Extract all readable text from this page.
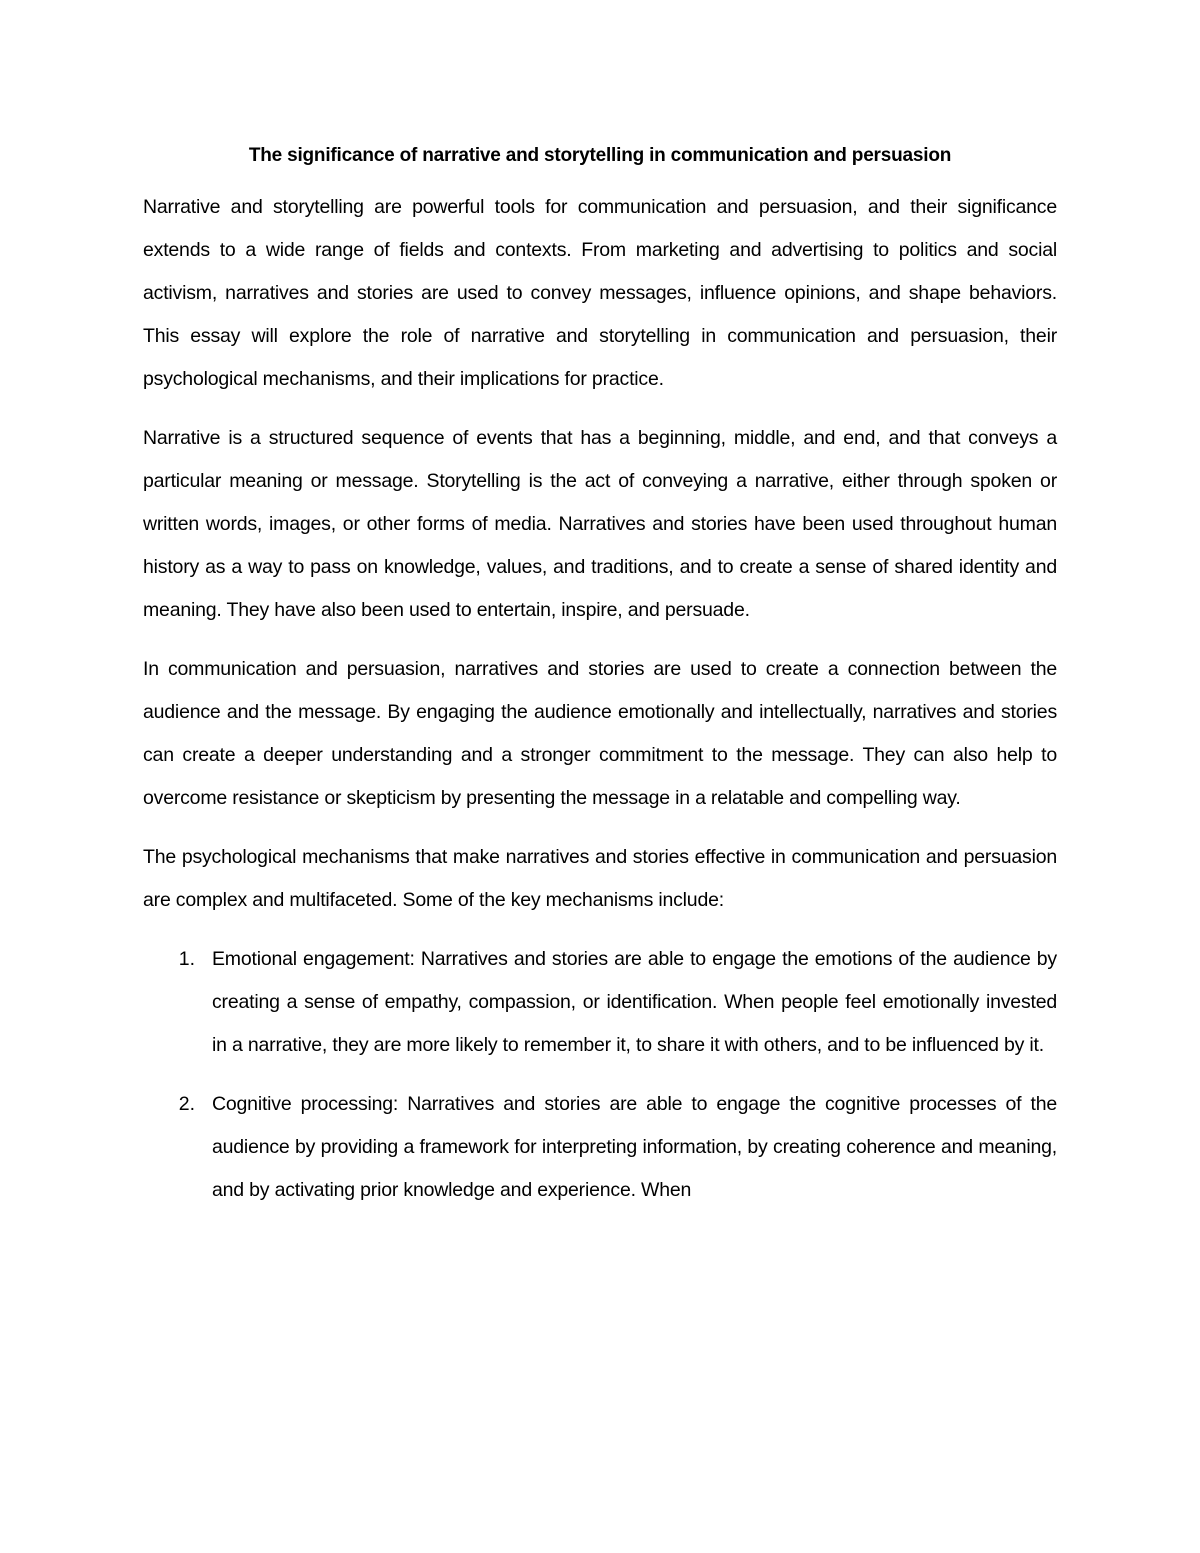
The significance of narrative and storytelling in communication and persuasion

Narrative and storytelling are powerful tools for communication and persuasion, and their significance extends to a wide range of fields and contexts. From marketing and advertising to politics and social activism, narratives and stories are used to convey messages, influence opinions, and shape behaviors. This essay will explore the role of narrative and storytelling in communication and persuasion, their psychological mechanisms, and their implications for practice.

Narrative is a structured sequence of events that has a beginning, middle, and end, and that conveys a particular meaning or message. Storytelling is the act of conveying a narrative, either through spoken or written words, images, or other forms of media. Narratives and stories have been used throughout human history as a way to pass on knowledge, values, and traditions, and to create a sense of shared identity and meaning. They have also been used to entertain, inspire, and persuade.

In communication and persuasion, narratives and stories are used to create a connection between the audience and the message. By engaging the audience emotionally and intellectually, narratives and stories can create a deeper understanding and a stronger commitment to the message. They can also help to overcome resistance or skepticism by presenting the message in a relatable and compelling way.

The psychological mechanisms that make narratives and stories effective in communication and persuasion are complex and multifaceted. Some of the key mechanisms include:

1. Emotional engagement: Narratives and stories are able to engage the emotions of the audience by creating a sense of empathy, compassion, or identification. When people feel emotionally invested in a narrative, they are more likely to remember it, to share it with others, and to be influenced by it.
2. Cognitive processing: Narratives and stories are able to engage the cognitive processes of the audience by providing a framework for interpreting information, by creating coherence and meaning, and by activating prior knowledge and experience. When
